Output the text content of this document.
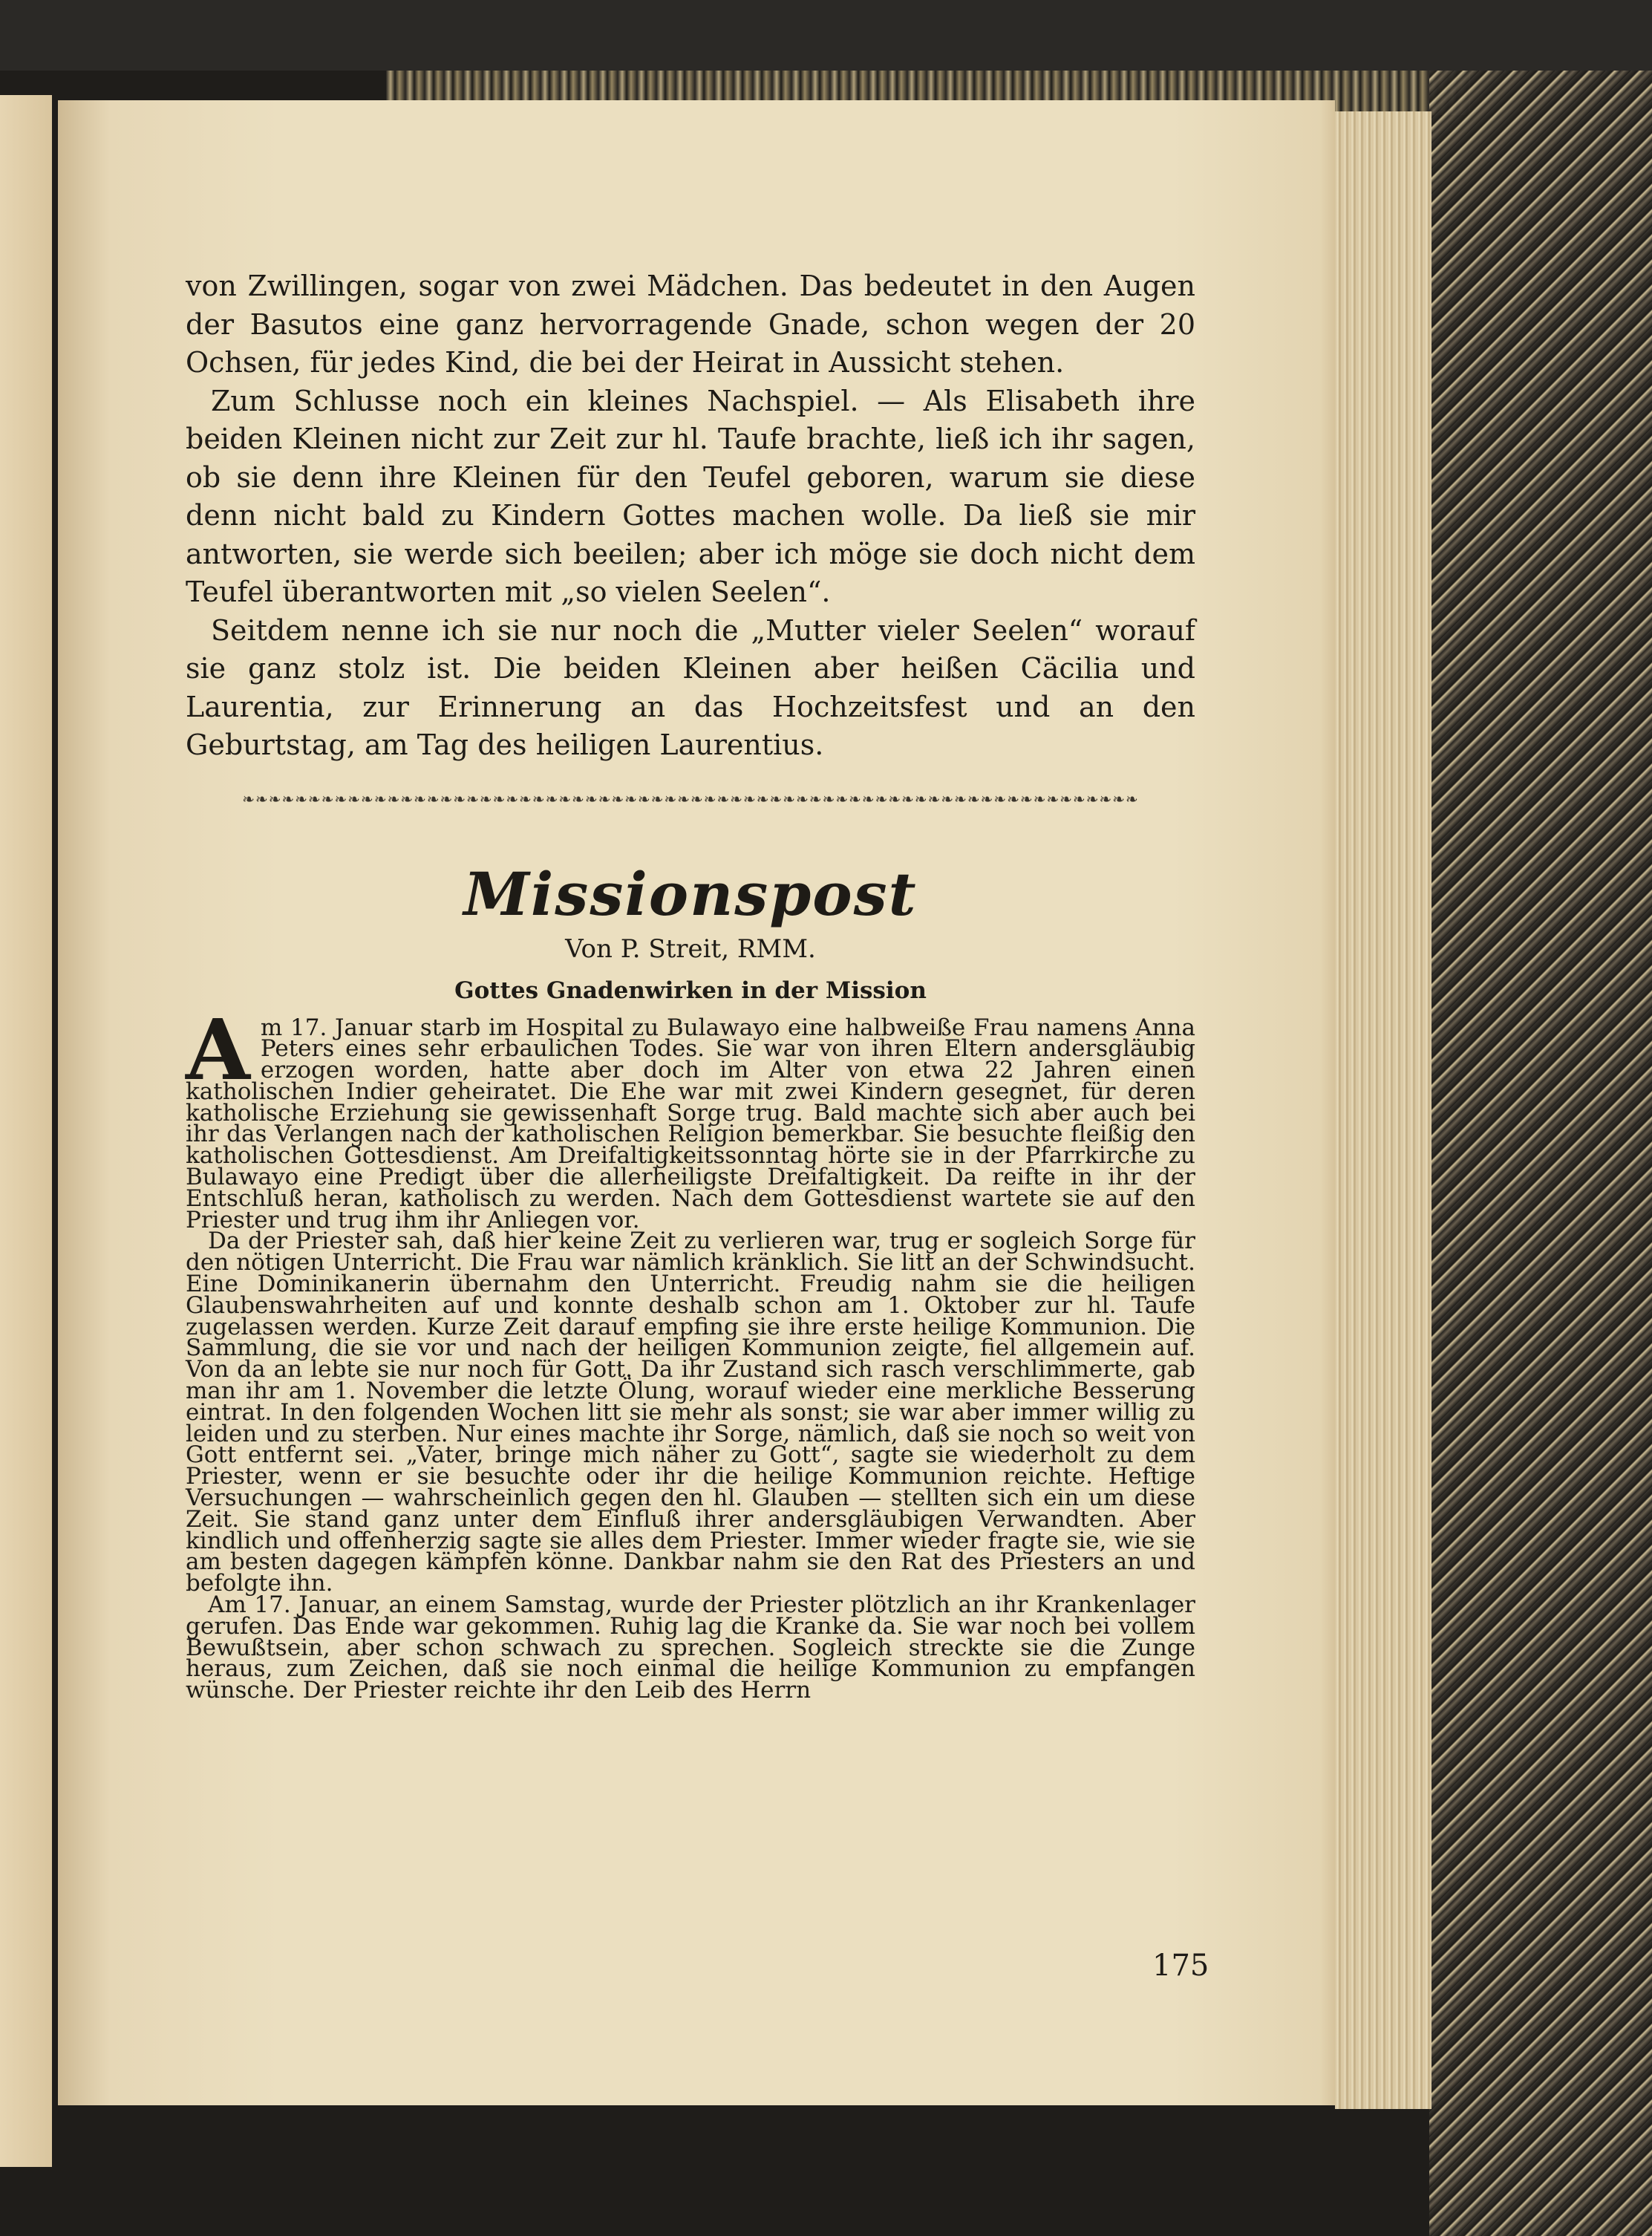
von Zwillingen, sogar von zwei Mädchen. Das bedeutet in den Augen der Basutos eine ganz hervorragende Gnade, schon wegen der 20 Ochsen, für jedes Kind, die bei der Heirat in Aussicht stehen.

Zum Schlusse noch ein kleines Nachspiel. — Als Elisabeth ihre beiden Kleinen nicht zur Zeit zur hl. Taufe brachte, ließ ich ihr sagen, ob sie denn ihre Kleinen für den Teufel geboren, warum sie diese denn nicht bald zu Kindern Gottes machen wolle. Da ließ sie mir antworten, sie werde sich beeilen; aber ich möge sie doch nicht dem Teufel überantworten mit „so vielen Seelen“.

Seitdem nenne ich sie nur noch die „Mutter vieler Seelen“ worauf sie ganz stolz ist. Die beiden Kleinen aber heißen Cäcilia und Laurentia, zur Erinnerung an das Hochzeitsfest und an den Geburtstag, am Tag des heiligen Laurentius.

❧❧❧❧❧❧❧❧❧❧❧❧❧❧❧❧❧❧❧❧❧❧❧❧❧❧❧❧❧❧❧❧❧❧❧❧❧❧❧❧❧❧❧❧❧❧❧❧❧❧❧❧❧❧❧❧❧❧❧❧❧❧❧❧❧❧❧❧
Missionspost
Von P. Streit, RMM.
Gottes Gnadenwirken in der Mission

Am 17. Januar starb im Hospital zu Bulawayo eine halbweiße Frau namens Anna Peters eines sehr erbaulichen Todes. Sie war von ihren Eltern andersgläubig erzogen worden, hatte aber doch im Alter von etwa 22 Jahren einen katholischen Indier geheiratet. Die Ehe war mit zwei Kindern gesegnet, für deren katholische Erziehung sie gewissenhaft Sorge trug. Bald machte sich aber auch bei ihr das Verlangen nach der katholischen Religion bemerkbar. Sie besuchte fleißig den katholischen Gottesdienst. Am Dreifaltigkeitssonntag hörte sie in der Pfarrkirche zu Bulawayo eine Predigt über die allerheiligste Dreifaltigkeit. Da reifte in ihr der Entschluß heran, katholisch zu werden. Nach dem Gottesdienst wartete sie auf den Priester und trug ihm ihr Anliegen vor.

Da der Priester sah, daß hier keine Zeit zu verlieren war, trug er sogleich Sorge für den nötigen Unterricht. Die Frau war nämlich kränklich. Sie litt an der Schwindsucht. Eine Dominikanerin übernahm den Unterricht. Freudig nahm sie die heiligen Glaubenswahrheiten auf und konnte deshalb schon am 1. Oktober zur hl. Taufe zugelassen werden. Kurze Zeit darauf empfing sie ihre erste heilige Kommunion. Die Sammlung, die sie vor und nach der heiligen Kommunion zeigte, fiel allgemein auf. Von da an lebte sie nur noch für Gott. Da ihr Zustand sich rasch verschlimmerte, gab man ihr am 1. November die letzte Ölung, worauf wieder eine merkliche Besserung eintrat. In den folgenden Wochen litt sie mehr als sonst; sie war aber immer willig zu leiden und zu sterben. Nur eines machte ihr Sorge, nämlich, daß sie noch so weit von Gott entfernt sei. „Vater, bringe mich näher zu Gott“, sagte sie wiederholt zu dem Priester, wenn er sie besuchte oder ihr die heilige Kommunion reichte. Heftige Versuchungen — wahrscheinlich gegen den hl. Glauben — stellten sich ein um diese Zeit. Sie stand ganz unter dem Einfluß ihrer andersgläubigen Verwandten. Aber kindlich und offenherzig sagte sie alles dem Priester. Immer wieder fragte sie, wie sie am besten dagegen kämpfen könne. Dankbar nahm sie den Rat des Priesters an und befolgte ihn.

Am 17. Januar, an einem Samstag, wurde der Priester plötzlich an ihr Krankenlager gerufen. Das Ende war gekommen. Ruhig lag die Kranke da. Sie war noch bei vollem Bewußtsein, aber schon schwach zu sprechen. Sogleich streckte sie die Zunge heraus, zum Zeichen, daß sie noch einmal die heilige Kommunion zu empfangen wünsche. Der Priester reichte ihr den Leib des Herrn

175
